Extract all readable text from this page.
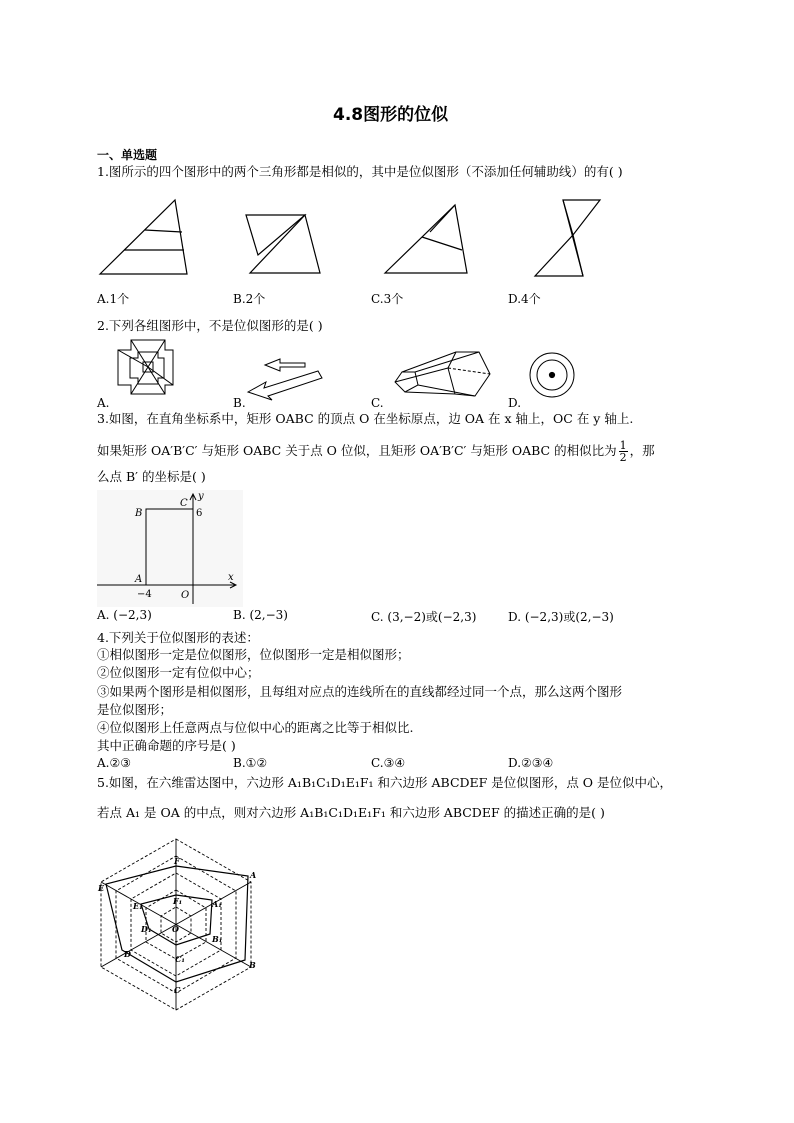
4.8图形的位似
一、单选题
1.图所示的四个图形中的两个三角形都是相似的，其中是位似图形（不添加任何辅助线）的有( )
A.1个	B.2个	C.3个	D.4个
2.下列各组图形中，不是位似图形的是( )
A.	B.	C.	D.
3.如图，在直角坐标系中，矩形 OABC 的顶点 O 在坐标原点，边 OA 在 x 轴上，OC 在 y 轴上.
如果矩形 OA′B′C′ 与矩形 OABC 关于点 O 位似，且矩形 OA′B′C′ 与矩形 OABC 的相似比为 $\frac{1}{2}$ ，那
么点 B′ 的坐标是( )
B
C
y
A
O
x
6
−4
A. (−2,3)	B. (2,−3)	C. (3,−2)或(−2,3)	D. (−2,3)或(2,−3)
4.下列关于位似图形的表述：
①相似图形一定是位似图形，位似图形一定是相似图形；
②位似图形一定有位似中心；
③如果两个图形是相似图形，且每组对应点的连线所在的直线都经过同一个点，那么这两个图形
是位似图形；
④位似图形上任意两点与位似中心的距离之比等于相似比.
其中正确命题的序号是( )
A.②③	B.①②	C.③④	D.②③④
5.如图，在六维雷达图中，六边形 A₁B₁C₁D₁E₁F₁ 和六边形 ABCDEF 是位似图形，点 O 是位似中心，
若点 A₁ 是 OA 的中点，则对六边形 A₁B₁C₁D₁E₁F₁ 和六边形 ABCDEF 的描述正确的是( )
F
A
E
E₁	F₁	A₁
B₁
D₁	O
C₁
D
B
C
